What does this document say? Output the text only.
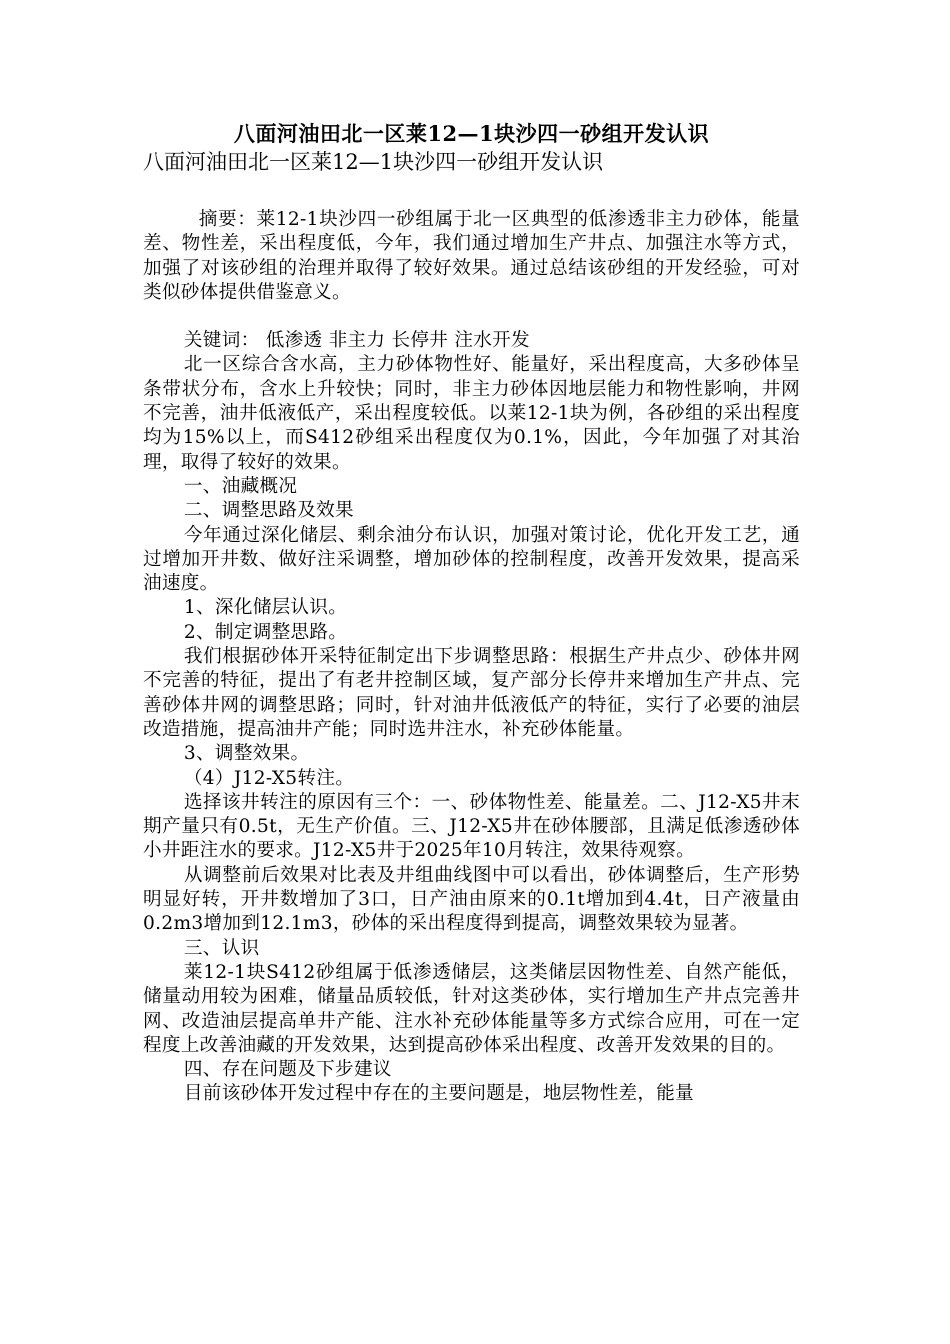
八面河油田北一区莱12—1块沙四一砂组开发认识

八面河油田北一区莱12—1块沙四一砂组开发认识

摘要：莱12-1块沙四一砂组属于北一区典型的低渗透非主力砂体，能量差、物性差，采出程度低，今年，我们通过增加生产井点、加强注水等方式，加强了对该砂组的治理并取得了较好效果。通过总结该砂组的开发经验，可对类似砂体提供借鉴意义。

关键词： 低渗透 非主力 长停井 注水开发

北一区综合含水高，主力砂体物性好、能量好，采出程度高，大多砂体呈条带状分布，含水上升较快；同时，非主力砂体因地层能力和物性影响，井网不完善，油井低液低产，采出程度较低。以莱12-1块为例，各砂组的采出程度均为15%以上，而S412砂组采出程度仅为0.1%，因此，今年加强了对其治理，取得了较好的效果。

一、油藏概况

二、调整思路及效果

今年通过深化储层、剩余油分布认识，加强对策讨论，优化开发工艺，通过增加开井数、做好注采调整，增加砂体的控制程度，改善开发效果，提高采油速度。

1、深化储层认识。

2、制定调整思路。

我们根据砂体开采特征制定出下步调整思路：根据生产井点少、砂体井网不完善的特征，提出了有老井控制区域，复产部分长停井来增加生产井点、完善砂体井网的调整思路；同时，针对油井低液低产的特征，实行了必要的油层改造措施，提高油井产能；同时选井注水，补充砂体能量。

3、调整效果。

（4）J12-X5转注。

选择该井转注的原因有三个：一、砂体物性差、能量差。二、J12-X5井末期产量只有0.5t，无生产价值。三、J12-X5井在砂体腰部，且满足低渗透砂体小井距注水的要求。J12-X5井于2025年10月转注，效果待观察。

从调整前后效果对比表及井组曲线图中可以看出，砂体调整后，生产形势明显好转，开井数增加了3口，日产油由原来的0.1t增加到4.4t，日产液量由0.2m3增加到12.1m3，砂体的采出程度得到提高，调整效果较为显著。

三、认识

莱12-1块S412砂组属于低渗透储层，这类储层因物性差、自然产能低，储量动用较为困难，储量品质较低，针对这类砂体，实行增加生产井点完善井网、改造油层提高单井产能、注水补充砂体能量等多方式综合应用，可在一定程度上改善油藏的开发效果，达到提高砂体采出程度、改善开发效果的目的。

四、存在问题及下步建议

目前该砂体开发过程中存在的主要问题是，地层物性差，能量
